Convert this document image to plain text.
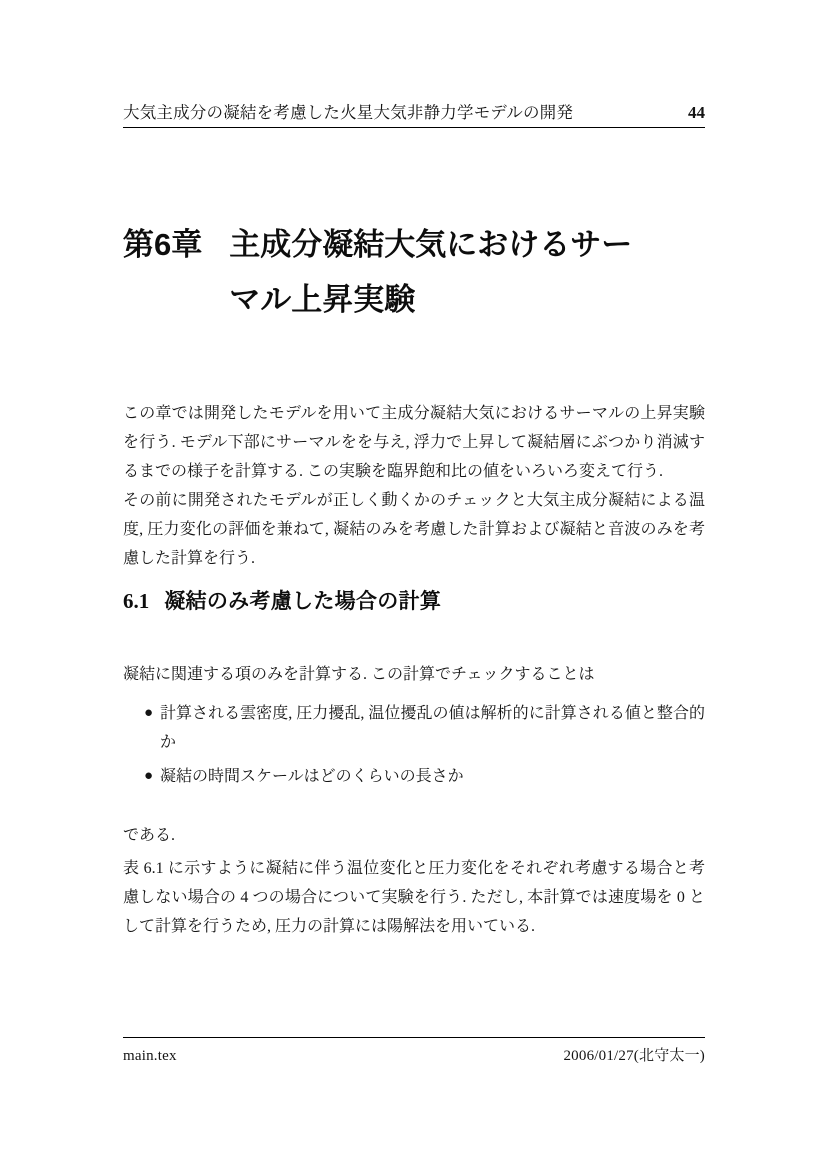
大気主成分の凝結を考慮した火星大気非静力学モデルの開発	44
第6章 主成分凝結大気におけるサー
マル上昇実験

この章では開発したモデルを用いて主成分凝結大気におけるサーマルの上昇実験を行う. モデル下部にサーマルをを与え, 浮力で上昇して凝結層にぶつかり消滅するまでの様子を計算する. この実験を臨界飽和比の値をいろいろ変えて行う.

その前に開発されたモデルが正しく動くかのチェックと大気主成分凝結による温度, 圧力変化の評価を兼ねて, 凝結のみを考慮した計算および凝結と音波のみを考慮した計算を行う.

6.1 凝結のみ考慮した場合の計算

凝結に関連する項のみを計算する. この計算でチェックすることは

● 計算される雲密度, 圧力擾乱, 温位擾乱の値は解析的に計算される値と整合的か
● 凝結の時間スケールはどのくらいの長さか

である.

表 6.1 に示すように凝結に伴う温位変化と圧力変化をそれぞれ考慮する場合と考慮しない場合の 4 つの場合について実験を行う. ただし, 本計算では速度場を 0 として計算を行うため, 圧力の計算には陽解法を用いている.

main.tex	2006/01/27(北守太一)
